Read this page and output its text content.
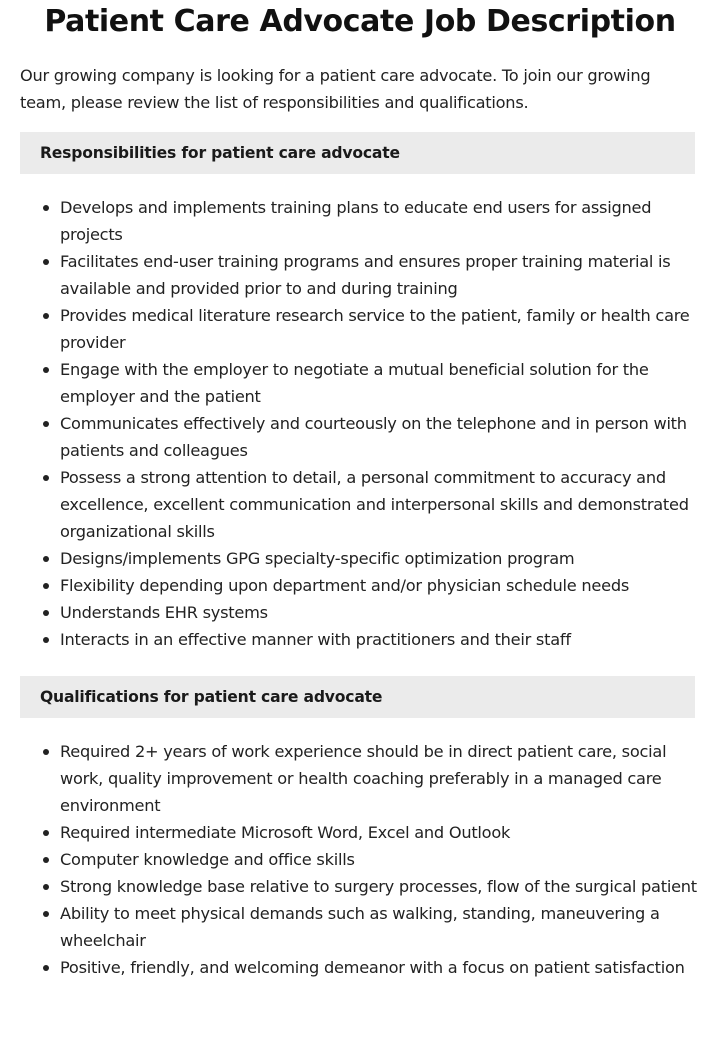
Patient Care Advocate Job Description

Our growing company is looking for a patient care advocate. To join our growing team, please review the list of responsibilities and qualifications.

Responsibilities for patient care advocate
Develops and implements training plans to educate end users for assigned projects
Facilitates end-user training programs and ensures proper training material is available and provided prior to and during training
Provides medical literature research service to the patient, family or health care provider
Engage with the employer to negotiate a mutual beneficial solution for the employer and the patient
Communicates effectively and courteously on the telephone and in person with patients and colleagues
Possess a strong attention to detail, a personal commitment to accuracy and excellence, excellent communication and interpersonal skills and demonstrated organizational skills
Designs/implements GPG specialty-specific optimization program
Flexibility depending upon department and/or physician schedule needs
Understands EHR systems
Interacts in an effective manner with practitioners and their staff
Qualifications for patient care advocate
Required 2+ years of work experience should be in direct patient care, social work, quality improvement or health coaching preferably in a managed care environment
Required intermediate Microsoft Word, Excel and Outlook
Computer knowledge and office skills
Strong knowledge base relative to surgery processes, flow of the surgical patient
Ability to meet physical demands such as walking, standing, maneuvering a wheelchair
Positive, friendly, and welcoming demeanor with a focus on patient satisfaction
